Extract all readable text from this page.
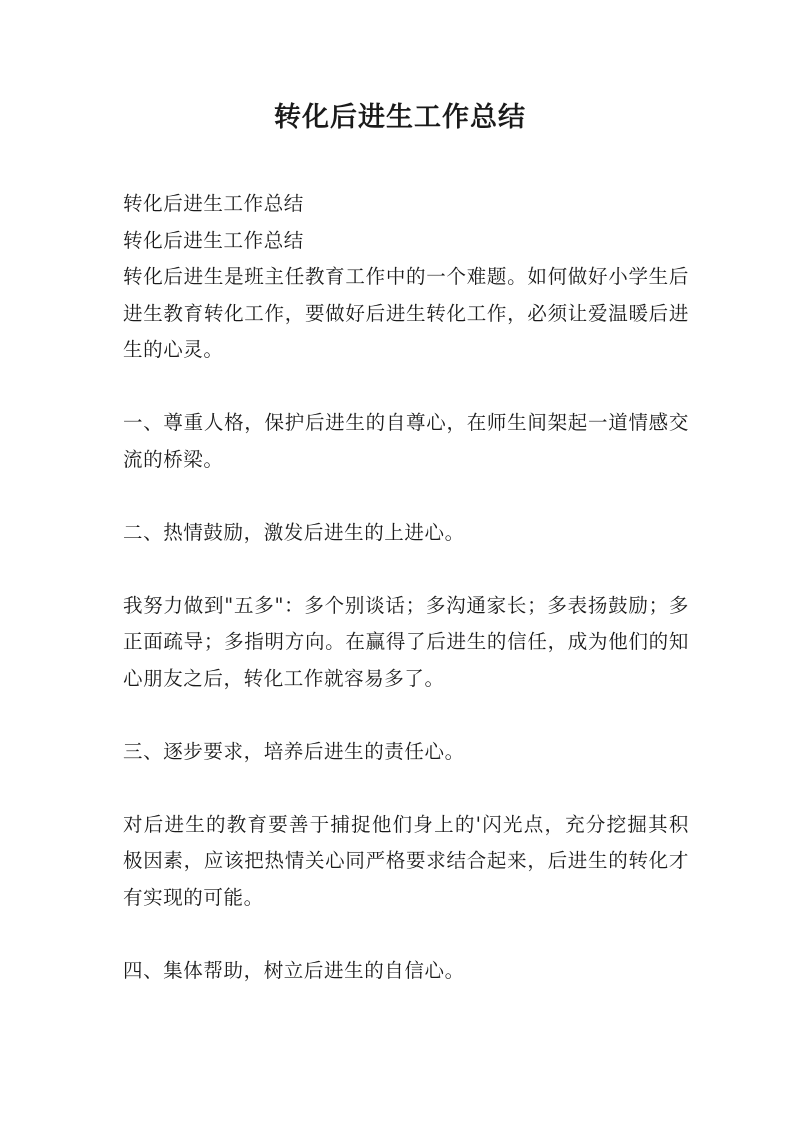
转化后进生工作总结

转化后进生工作总结

转化后进生工作总结

转化后进生是班主任教育工作中的一个难题。如何做好小学生后进生教育转化工作，要做好后进生转化工作，必须让爱温暖后进生的心灵。

一、尊重人格，保护后进生的自尊心，在师生间架起一道情感交流的桥梁。

二、热情鼓励，激发后进生的上进心。

我努力做到"五多"：多个别谈话；多沟通家长；多表扬鼓励；多正面疏导；多指明方向。在赢得了后进生的信任，成为他们的知心朋友之后，转化工作就容易多了。

三、逐步要求，培养后进生的责任心。

对后进生的教育要善于捕捉他们身上的'闪光点，充分挖掘其积极因素，应该把热情关心同严格要求结合起来，后进生的转化才有实现的可能。

四、集体帮助，树立后进生的自信心。
